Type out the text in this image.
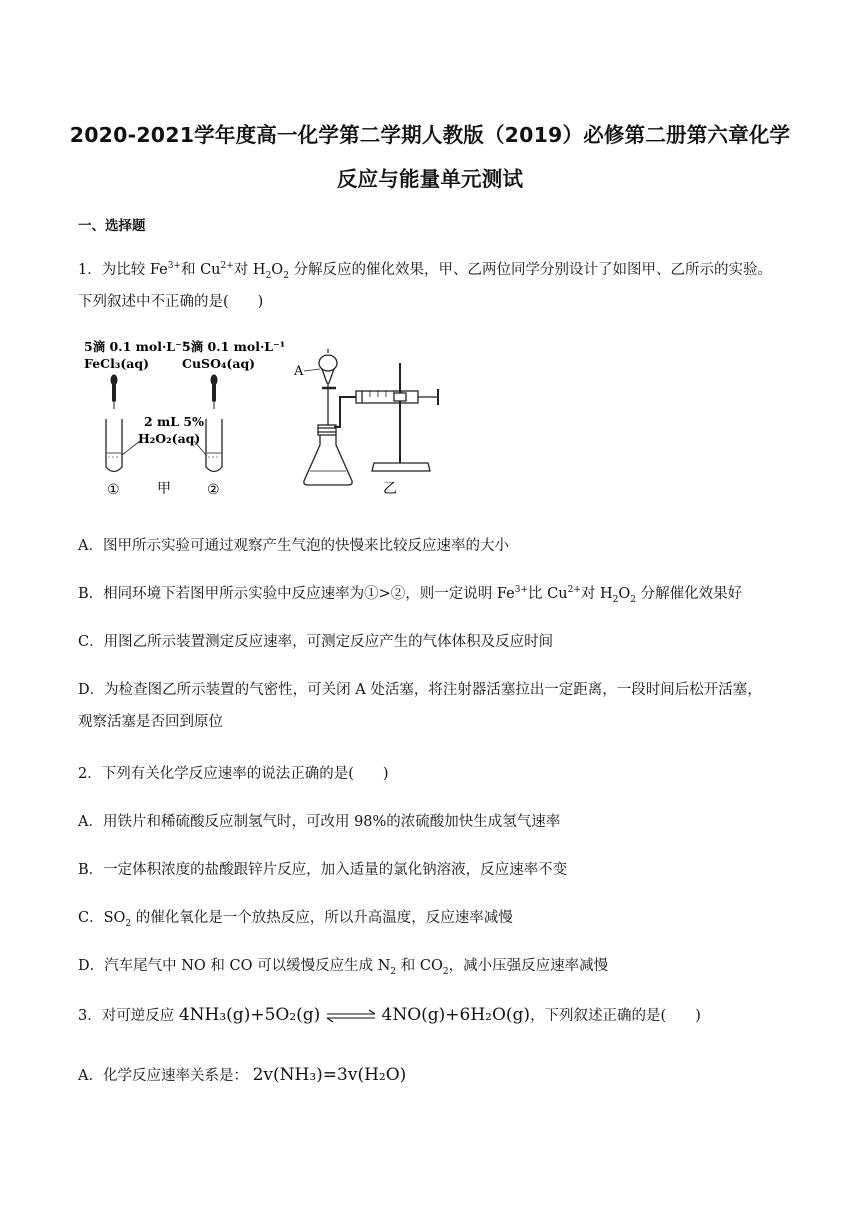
2020-2021学年度高一化学第二学期人教版（2019）必修第二册第六章化学
反应与能量单元测试
一、选择题
1．为比较 $Fe^{3+}$和 $Cu^{2+}$对 $H_2O_2$ 分解反应的催化效果，甲、乙两位同学分别设计了如图甲、乙所示的实验。
下列叙述中不正确的是(　　)
5滴 0.1 mol·L⁻¹
FeCl₃(aq)
5滴 0.1 mol·L⁻¹
CuSO₄(aq)
2 mL 5%
H₂O₂(aq)
①	甲	②
A
乙
A．图甲所示实验可通过观察产生气泡的快慢来比较反应速率的大小
B．相同环境下若图甲所示实验中反应速率为①>②，则一定说明 $Fe^{3+}$比 $Cu^{2+}$对 $H_2O_2$ 分解催化效果好
C．用图乙所示装置测定反应速率，可测定反应产生的气体体积及反应时间
D．为检查图乙所示装置的气密性，可关闭 A 处活塞，将注射器活塞拉出一定距离，一段时间后松开活塞，
观察活塞是否回到原位
2．下列有关化学反应速率的说法正确的是(　　)
A．用铁片和稀硫酸反应制氢气时，可改用 98%的浓硫酸加快生成氢气速率
B．一定体积浓度的盐酸跟锌片反应，加入适量的氯化钠溶液，反应速率不变
C．$SO_2$ 的催化氧化是一个放热反应，所以升高温度，反应速率减慢
D．汽车尾气中 NO 和 CO 可以缓慢反应生成 $N_2$ 和 $CO_2$，减小压强反应速率减慢
3．对可逆反应 4NH₃(g)+5O₂(g) ⇌ 4NO(g)+6H₂O(g)，下列叙述正确的是(　　)
A．化学反应速率关系是： 2v(NH₃)=3v(H₂O)
